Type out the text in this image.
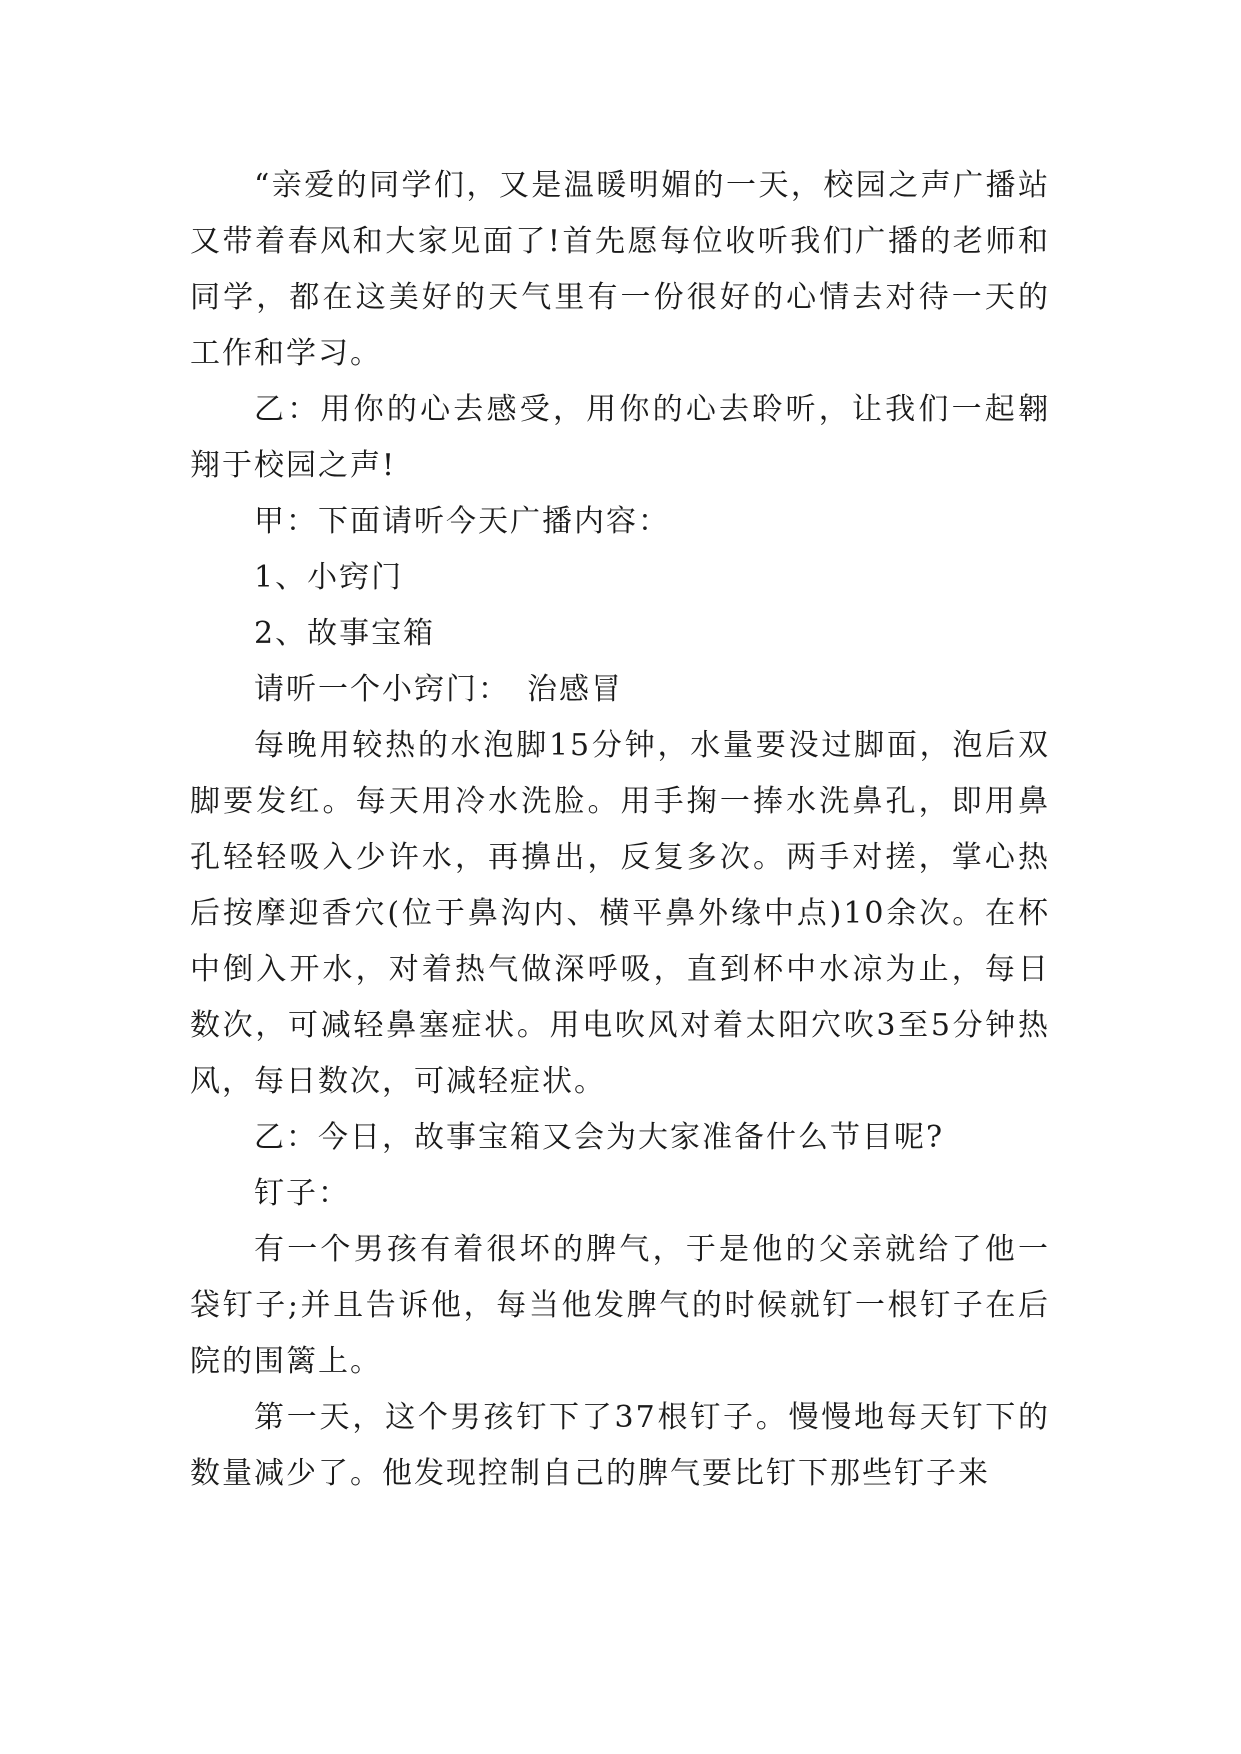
“亲爱的同学们，又是温暖明媚的一天，校园之声广播站又带着春风和大家见面了!首先愿每位收听我们广播的老师和同学，都在这美好的天气里有一份很好的心情去对待一天的工作和学习。

乙：用你的心去感受，用你的心去聆听，让我们一起翱翔于校园之声!

甲：下面请听今天广播内容：

1、小窍门

2、故事宝箱

请听一个小窍门：　治感冒

每晚用较热的水泡脚15分钟，水量要没过脚面，泡后双脚要发红。每天用冷水洗脸。用手掬一捧水洗鼻孔，即用鼻孔轻轻吸入少许水，再擤出，反复多次。两手对搓，掌心热后按摩迎香穴(位于鼻沟内、横平鼻外缘中点)10余次。在杯中倒入开水，对着热气做深呼吸，直到杯中水凉为止，每日数次，可减轻鼻塞症状。用电吹风对着太阳穴吹3至5分钟热风，每日数次，可减轻症状。

乙：今日，故事宝箱又会为大家准备什么节目呢?

钉子：

有一个男孩有着很坏的脾气，于是他的父亲就给了他一袋钉子;并且告诉他，每当他发脾气的时候就钉一根钉子在后院的围篱上。

第一天，这个男孩钉下了37根钉子。慢慢地每天钉下的数量减少了。他发现控制自己的脾气要比钉下那些钉子来
